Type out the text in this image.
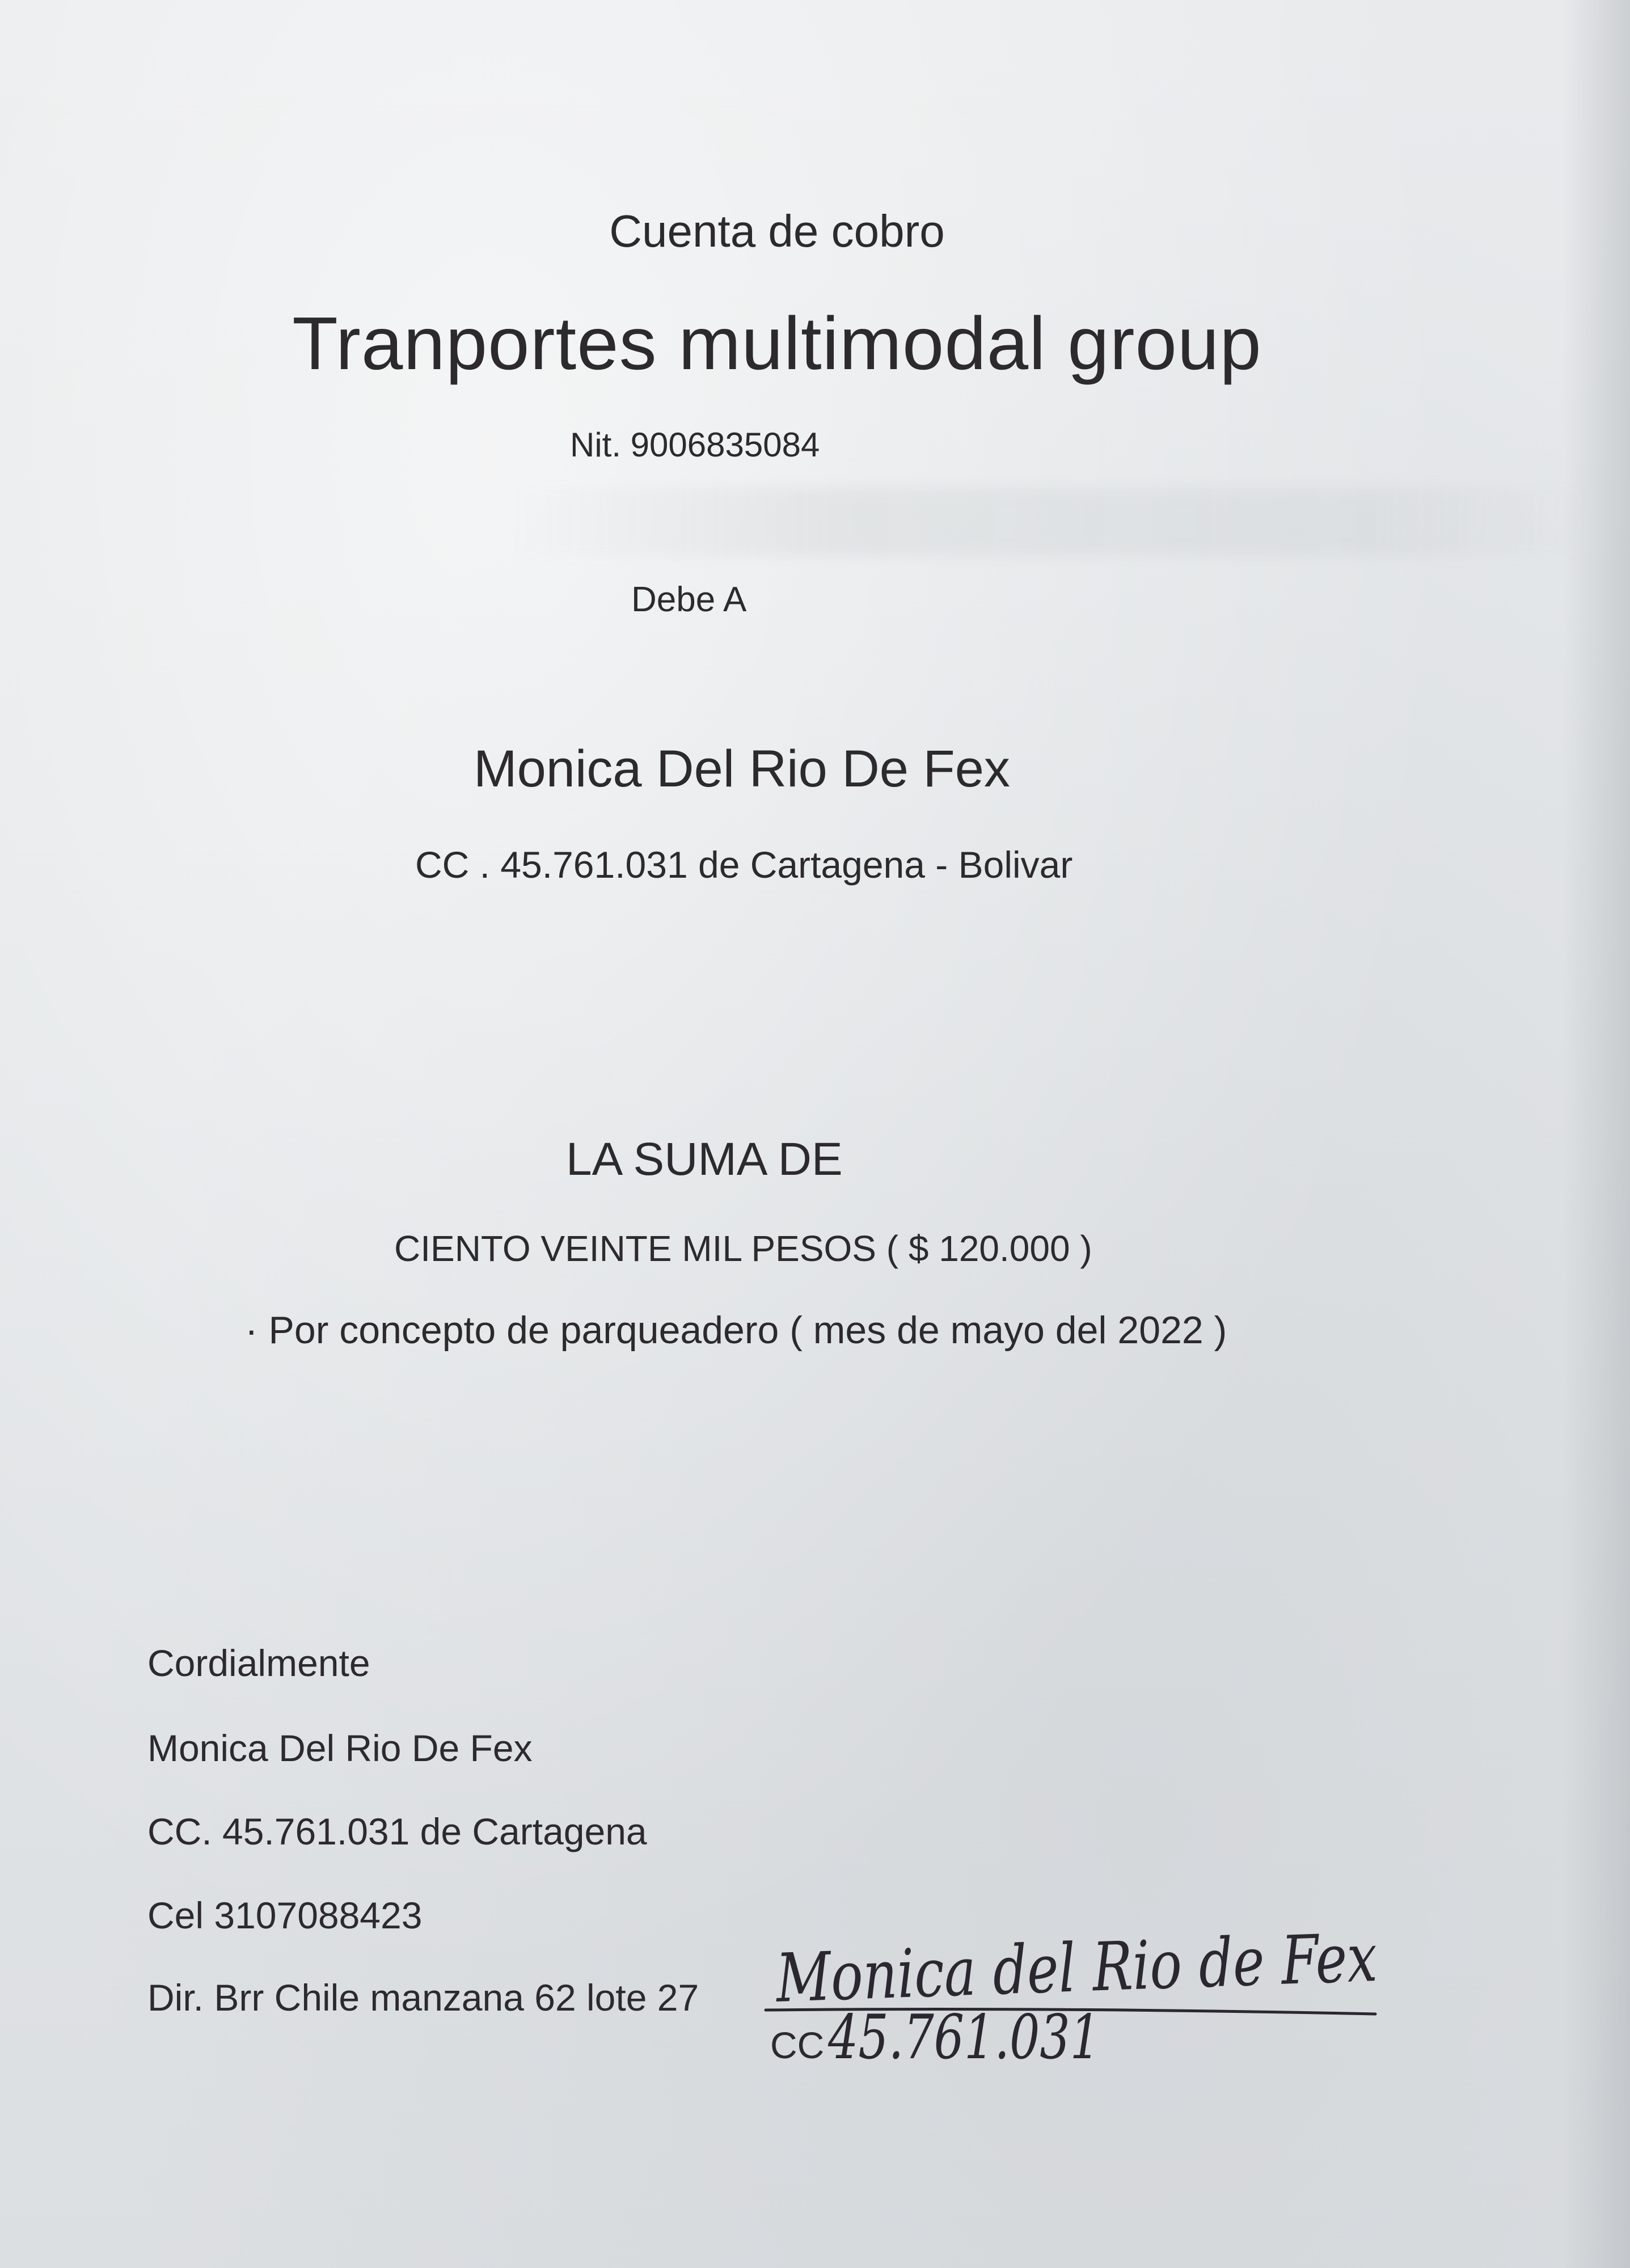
Cuenta de cobro
Tranportes multimodal group
Nit. 9006835084
Debe A
Monica Del Rio De Fex
CC . 45.761.031 de Cartagena - Bolivar
LA SUMA DE
CIENTO VEINTE MIL PESOS ( $ 120.000 )
· Por concepto de parqueadero ( mes de mayo del 2022 )
Cordialmente
Monica Del Rio De Fex
CC. 45.761.031 de Cartagena
Cel 3107088423
Dir. Brr Chile manzana 62 lote 27 Monica del Rio de Fex
CC 45.761.031
